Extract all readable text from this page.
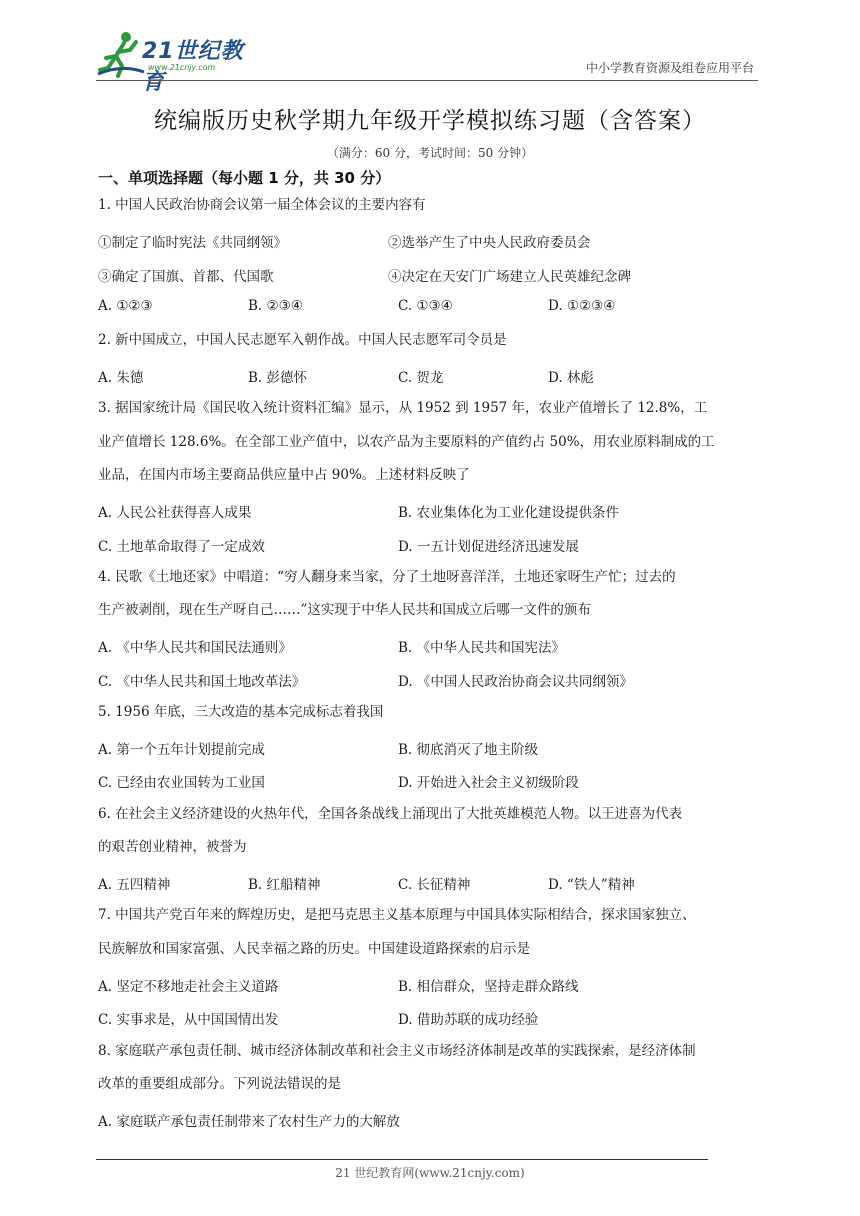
21世纪教育
www.21cnjy.com	中小学教育资源及组卷应用平台
统编版历史秋学期九年级开学模拟练习题（含答案）
（满分：60 分，考试时间：50 分钟）
一、单项选择题（每小题 1 分，共 30 分）
1. 中国人民政治协商会议第一届全体会议的主要内容有
①制定了临时宪法《共同纲领》	②选举产生了中央人民政府委员会
③确定了国旗、首都、代国歌	④决定在天安门广场建立人民英雄纪念碑
A. ①②③	B. ②③④	C. ①③④	D. ①②③④
2. 新中国成立，中国人民志愿军入朝作战。中国人民志愿军司令员是
A. 朱德	B. 彭德怀	C. 贺龙	D. 林彪
3. 据国家统计局《国民收入统计资料汇编》显示，从 1952 到 1957 年，农业产值增长了 12.8%，工
业产值增长 128.6%。在全部工业产值中，以农产品为主要原料的产值约占 50%，用农业原料制成的工
业品，在国内市场主要商品供应量中占 90%。上述材料反映了
A. 人民公社获得喜人成果	B. 农业集体化为工业化建设提供条件
C. 土地革命取得了一定成效	D. 一五计划促进经济迅速发展
4. 民歌《土地还家》中唱道：“穷人翻身来当家，分了土地呀喜洋洋，土地还家呀生产忙；过去的
生产被剥削，现在生产呀自己……”这实现于中华人民共和国成立后哪一文件的颁布
A. 《中华人民共和国民法通则》	B. 《中华人民共和国宪法》
C. 《中华人民共和国土地改革法》	D. 《中国人民政治协商会议共同纲领》
5. 1956 年底，三大改造的基本完成标志着我国
A. 第一个五年计划提前完成	B. 彻底消灭了地主阶级
C. 已经由农业国转为工业国	D. 开始进入社会主义初级阶段
6. 在社会主义经济建设的火热年代，全国各条战线上涌现出了大批英雄模范人物。以王进喜为代表
的艰苦创业精神，被誉为
A. 五四精神	B. 红船精神	C. 长征精神	D. “铁人”精神
7. 中国共产党百年来的辉煌历史，是把马克思主义基本原理与中国具体实际相结合，探求国家独立、
民族解放和国家富强、人民幸福之路的历史。中国建设道路探索的启示是
A. 坚定不移地走社会主义道路	B. 相信群众，坚持走群众路线
C. 实事求是，从中国国情出发	D. 借助苏联的成功经验
8. 家庭联产承包责任制、城市经济体制改革和社会主义市场经济体制是改革的实践探索，是经济体制
改革的重要组成部分。下列说法错误的是
A. 家庭联产承包责任制带来了农村生产力的大解放
21 世纪教育网(www.21cnjy.com)
